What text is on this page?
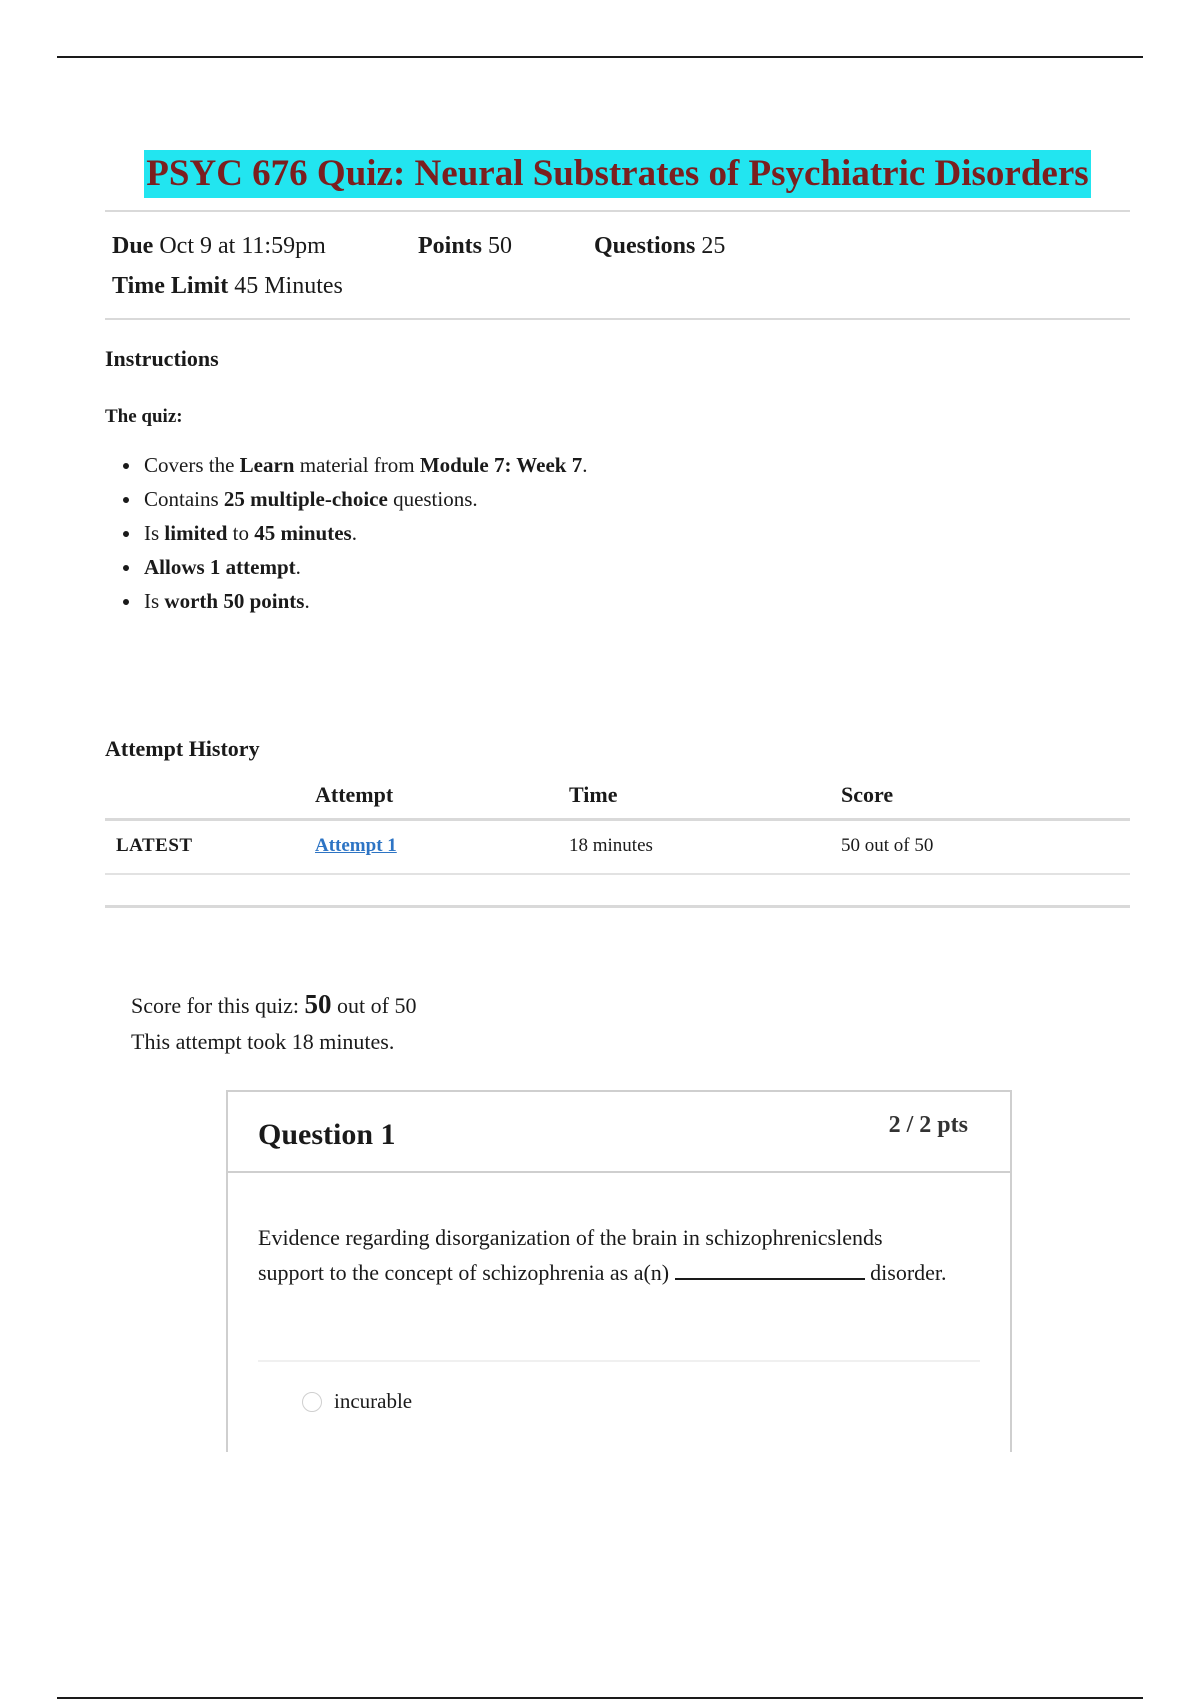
PSYC 676 Quiz: Neural Substrates of Psychiatric Disorders
Due Oct 9 at 11:59pm	Points 50	Questions 25
Time Limit 45 Minutes
Instructions
The quiz:
• Covers the Learn material from Module 7: Week 7.
• Contains 25 multiple-choice questions.
• Is limited to 45 minutes.
• Allows 1 attempt.
• Is worth 50 points.
Attempt History
	Attempt	Time	Score
LATEST	Attempt 1	18 minutes	50 out of 50
Score for this quiz: 50 out of 50
This attempt took 18 minutes.
Question 1	2 / 2 pts
Evidence regarding disorganization of the brain in schizophrenicslends support to the concept of schizophrenia as a(n)	disorder.
incurable
